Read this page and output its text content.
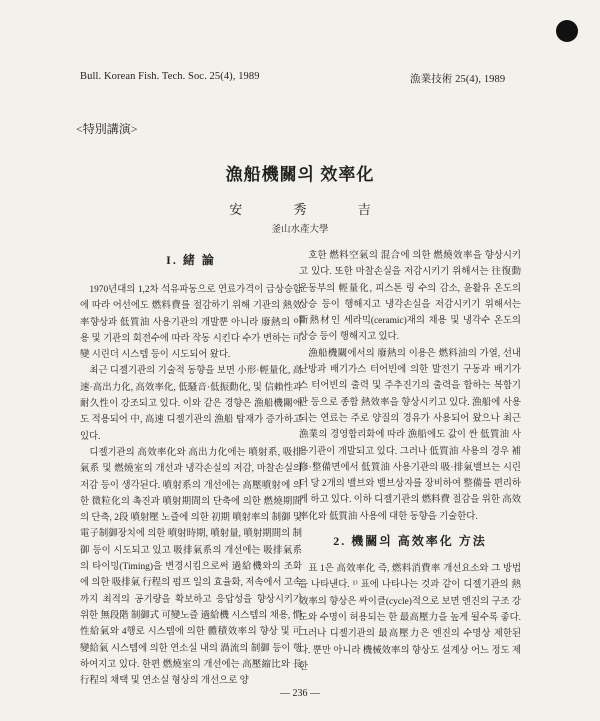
Bull. Korean Fish. Tech. Soc. 25(4), 1989	漁業技術 25(4), 1989
<特別講演>
漁船機關의 效率化
安 秀 吉
釜山水產大學
I. 緒 論

1970년대의 1,2차 석유파동으로 연료가격이 급상승함에 따라 어선에도 燃料費를 절감하기 위해 기관의 熱效率향상과 低質油 사용기관의 개발뿐 아니라 廢熱의 이용 및 기관의 회전수에 따라 작동 시킨다 수가 변하는 可變 시린더 시스템 등이 시도되어 왔다.

최근 디젤기관의 기술적 동향을 보면 小形·輕量化, 高速·高出力化, 高效率化, 低騷音·低振動化, 및 信賴性과 耐久性이 강조되고 있다. 이와 같은 경향은 漁船機關에도 적용되어 中, 高速 디젤기관의 漁船 탑재가 증가하고 있다.

디젤기관의 高效率化와 高出力化에는 噴射系, 吸排氣系 및 燃燒室의 개선과 냉각손실의 저감, 마찰손실의 저감 등이 생각된다. 噴射系의 개선에는 高壓噴射에 의한 微粒化의 촉진과 噴射期間의 단축에 의한 燃燒期間의 단축, 2段 噴射壓 노즐에 의한 初期 噴射率의 制御 및 電子制御장치에 의한 噴射時期, 噴射量, 噴射期間의 制御 등이 시도되고 있고 吸排氣系의 개선에는 吸排氣系의 타이밍(Timing)을 변경시킴으로써 過給機와의 조화에 의한 吸排氣 行程의 펌프 일의 효율화, 저속에서 고속까지 최적의 공기량을 확보하고 응답성을 향상시키기 위한 無段階 制御式 可變노즐 過給機 시스템의 채용, 慣性給氣와 4행로 시스템에 의한 體積效率의 향상 및 可變給氣 시스템에 의한 연소실 내의 渦流의 制御 등이 행하여지고 있다. 한편 燃燒室의 개선에는 高壓縮比와 長行程의 채택 및 연소실 형상의 개선으로 양

호한 燃料空氣의 混合에 의한 燃燒效率을 향상시키고 있다. 또한 마찰손실을 저감시키기 위해서는 往復動 운동부의 輕量化, 피스톤 링 수의 감소, 윤활유 온도의 상승 등이 행해지고 냉각손실을 저감시키기 위해서는 斷熱材인 세라믹(ceramic)재의 채용 및 냉각수 온도의 상승 등이 행해지고 있다.

漁船機關에서의 廢熱의 이용은 燃料油의 가열, 선내난방과 배기가스 터어빈에 의한 발전기 구동과 배기가스 터어빈의 출력 및 주추진기의 출력을 합하는 복합기관 등으로 종합 熱效率을 향상시키고 있다. 漁船에 사용되는 연료는 주로 양질의 경유가 사용되어 왔으나 최근 漁業의 경영합리화에 따라 漁船에도 값이 싼 低質油 사용기관이 개발되고 있다. 그러나 低質油 사용의 경우 補修·整備면에서 低質油 사용기관의 吸·排氣밸브는 시린더 당 2개의 밸브와 밸브상자를 장비하여 整備를 편리하게 하고 있다. 이하 디젤기관의 燃料費 절감을 위한 高效率化와 低質油 사용에 대한 동향을 기술한다.

2. 機關의 高效率化 方法

표 1은 高效率化 즉, 燃料消費率 개선요소와 그 방법을 나타낸다. ¹⁾ 표에 나타나는 것과 같이 디젤기관의 熱效率의 향상은 싸이클(cycle)적으로 보면 엔진의 구조 강도와 수명이 허용되는 한 最高壓力을 높게 될수록 좋다. 그러나 디젤기관의 最高壓力은 엔진의 수명상 제한된다. 뿐만 아니라 機械效率의 향상도 설계상 어느 정도 제한

— 236 —
